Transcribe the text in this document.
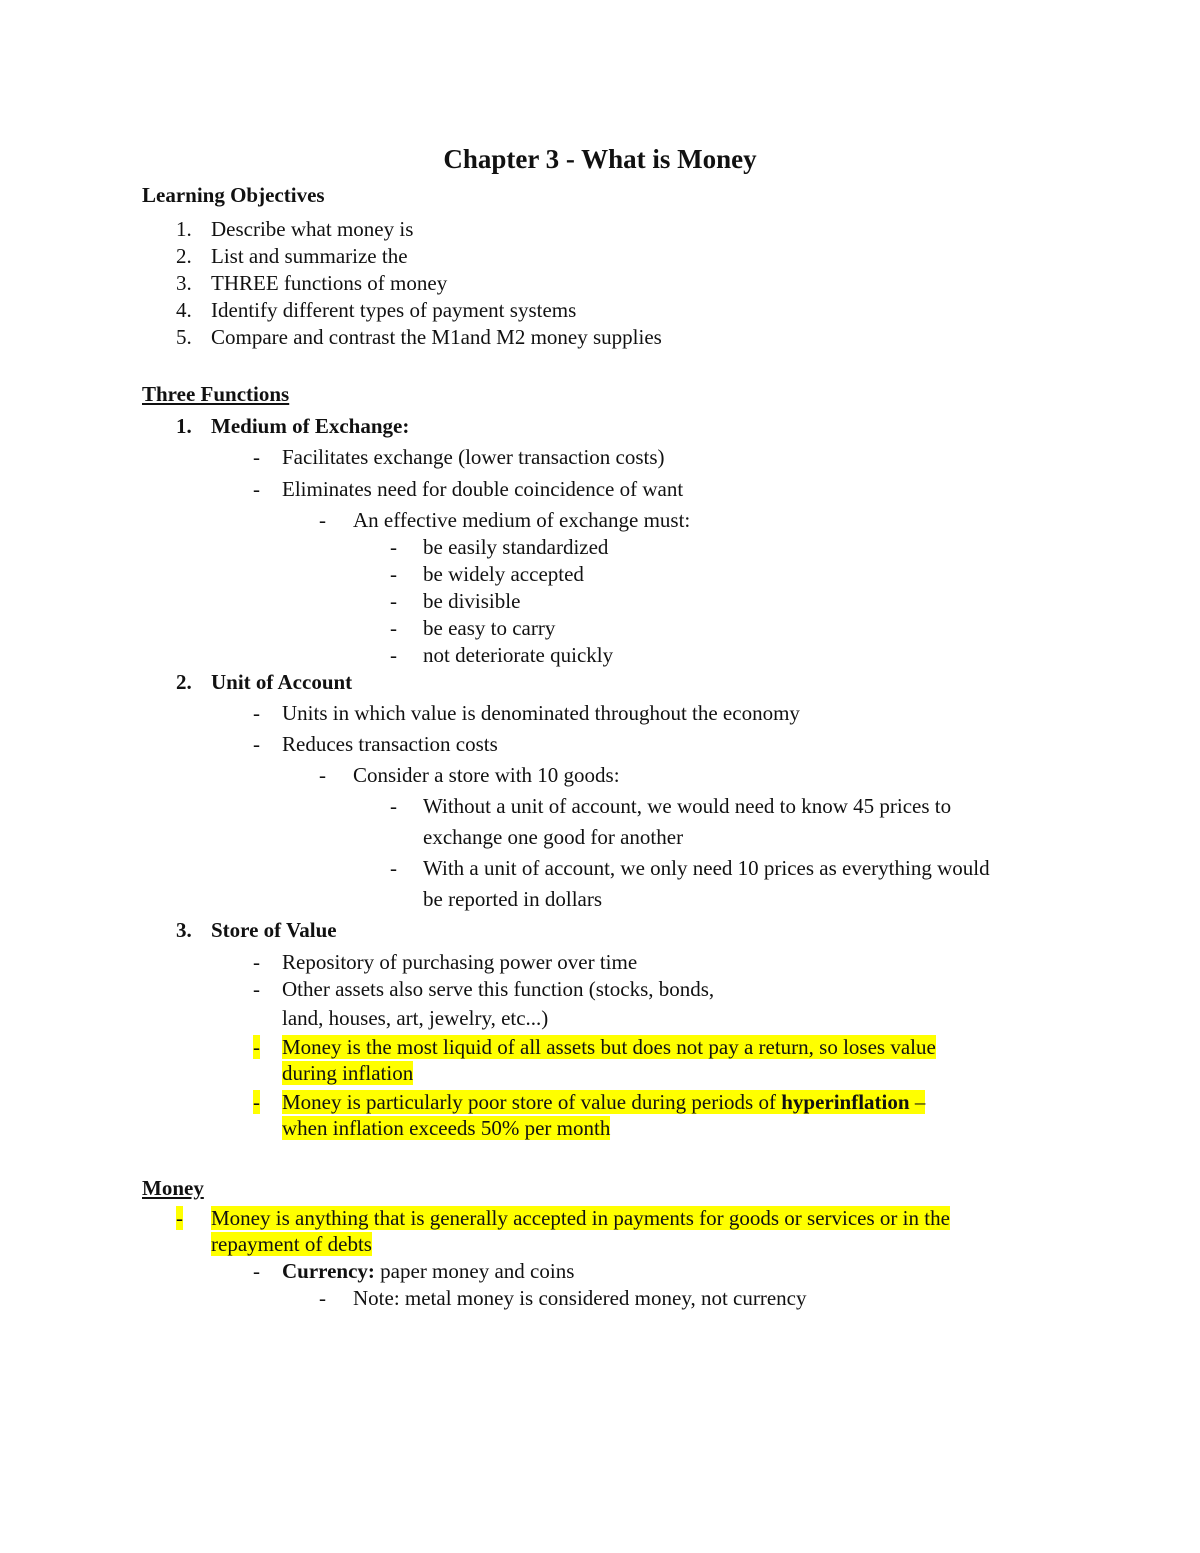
Chapter 3 - What is Money
Learning Objectives
1. Describe what money is
2. List and summarize the
3. THREE functions of money
4. Identify different types of payment systems
5. Compare and contrast the M1and M2 money supplies
Three Functions
1. Medium of Exchange:
- Facilitates exchange (lower transaction costs)
- Eliminates need for double coincidence of want
- An effective medium of exchange must:
- be easily standardized
- be widely accepted
- be divisible
- be easy to carry
- not deteriorate quickly
2. Unit of Account
- Units in which value is denominated throughout the economy
- Reduces transaction costs
- Consider a store with 10 goods:
- Without a unit of account, we would need to know 45 prices to
exchange one good for another
- With a unit of account, we only need 10 prices as everything would
be reported in dollars
3. Store of Value
- Repository of purchasing power over time
- Other assets also serve this function (stocks, bonds,
land, houses, art, jewelry, etc...)
- Money is the most liquid of all assets but does not pay a return, so loses value
during inflation
- Money is particularly poor store of value during periods of hyperinflation –
when inflation exceeds 50% per month
Money
- Money is anything that is generally accepted in payments for goods or services or in the
repayment of debts
- Currency: paper money and coins
- Note: metal money is considered money, not currency
